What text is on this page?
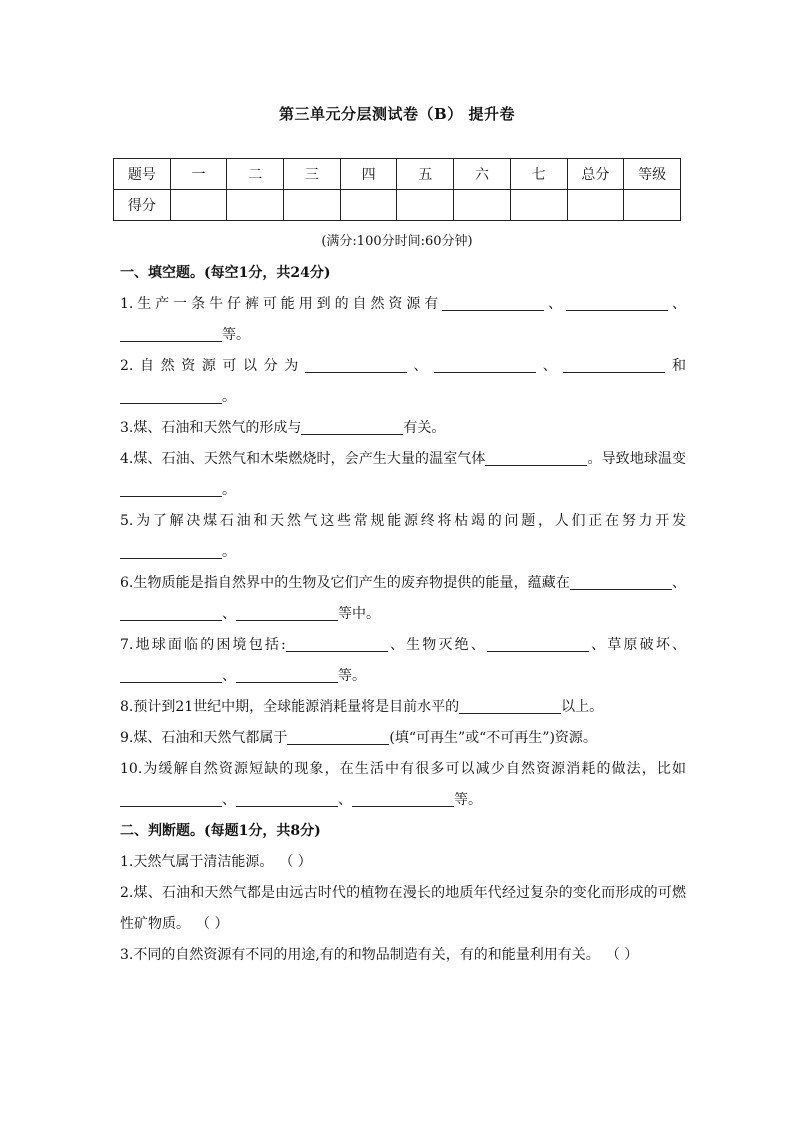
第三单元分层测试卷（B） 提升卷
题号	一	二	三	四	五	六	七	总分	等级
得分									
(满分:100分时间:60分钟)
一、填空题。(每空1分，共24分)

1.生产一条牛仔裤可能用到的自然资源有	、	、等。

2.自然资源可以分为	、	、	和。

3.煤、石油和天然气的形成与	有关。

4.煤、石油、天然气和木柴燃烧时，会产生大量的温室气体	。导致地球温变。

5.为了解决煤石油和天然气这些常规能源终将枯竭的问题，人们正在努力开发。

6.生物质能是指自然界中的生物及它们产生的废弃物提供的能量，蕴藏在	、、	等中。

7.地球面临的困境包括:	、生物灭绝、	、草原破坏、、	等。

8.预计到21世纪中期，全球能源消耗量将是目前水平的	以上。

9.煤、石油和天然气都属于	(填“可再生”或“不可再生”)资源。

10.为缓解自然资源短缺的现象，在生活中有很多可以减少自然资源消耗的做法，比如、	、	等。

二、判断题。(每题1分，共8分)

1.天然气属于清洁能源。 （ ）

2.煤、石油和天然气都是由远古时代的植物在漫长的地质年代经过复杂的变化而形成的可燃性矿物质。 （ ）

3.不同的自然资源有不同的用途,有的和物品制造有关，有的和能量利用有关。 （ ）
